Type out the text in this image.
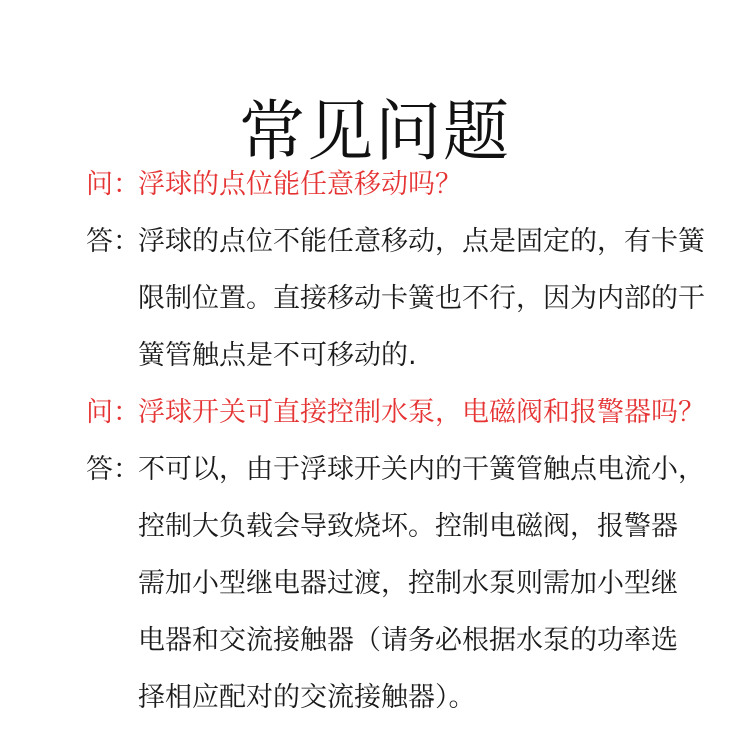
常见问题
问：
浮球的点位能任意移动吗？
答：
浮球的点位不能任意移动，点是固定的，有卡簧
限制位置。直接移动卡簧也不行，因为内部的干
簧管触点是不可移动的.
问：
浮球开关可直接控制水泵，电磁阀和报警器吗？
答：
不可以，由于浮球开关内的干簧管触点电流小，
控制大负载会导致烧坏。控制电磁阀，报警器
需加小型继电器过渡，控制水泵则需加小型继
电器和交流接触器（请务必根据水泵的功率选
择相应配对的交流接触器）。
